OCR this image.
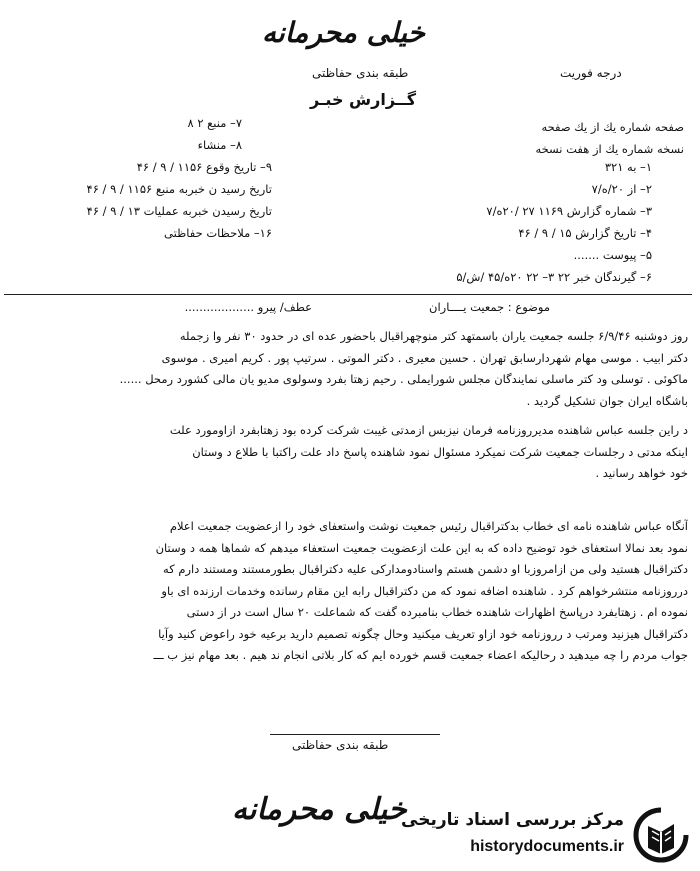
خیلی محرمانه
طبقه بندی حفاظتی	درجه فوریت
گــزارش خبـر
صفحه شماره یك از یك صفحه
نسخه شماره یك از هفت نسخه
۷– منبع ۲ ۸
۸– منشاء
۹– تاریخ وقوع ۱۱۵۶ / ۹ / ۴۶
تاریخ رسید ن خبربه منبع ۱۱۵۶ / ۹ / ۴۶
تاریخ رسیدن خبربه عملیات ۱۳ / ۹ / ۴۶
۱۶– ملاحظات حفاظتی
۱– به ۳۲۱
۲– از ۲۰/ه/۷
۳– شماره گزارش ۱۱۶۹ ۲۷ /۲۰ه/۷
۴– تاریخ گزارش ۱۵ / ۹ / ۴۶
۵– پیوست .......
۶– گیرندگان خبر ۲۲ ۳– ۲۲ ۲۰ه/۴۵ /ش/۵
موضوع : جمعیت یــــاران
عطف/ پیرو ...................
روز دوشنبه ۶/۹/۴۶ جلسه جمعیت یاران باسمتهد کتر منوچهراقبال باحضور عده ای در حدود ۳۰ نفر وا زجمله
دکتر ابیب . موسی مهام شهردارسابق تهران . حسین معیری . دکتر الموتی . سرتیپ پور . کریم امیری . موسوی
ماکوئی . توسلی ود کتر ماسلی نمایندگان مجلس شورایملی . رحیم زهتا بفرد وسولوی مدیو یان مالی کشورد رمحل ......
باشگاه ایران جوان تشکیل گردید .
د راین جلسه عباس شاهنده مدیرروزنامه فرمان نیزبس ازمدتی غیبت شرکت کرده بود زهتابفرد ازاومورد علت
اینکه مدتی د رجلسات جمعیت شرکت نمیکرد مسئوال نمود شاهنده پاسخ داد علت راکتبا با طلاع د وستان
خود خواهد رسانید .
آنگاه عباس شاهنده نامه ای خطاب بدکتراقبال رئیس جمعیت نوشت واستعفای خود را ازعضویت جمعیت اعلام
نمود بعد نمالا استعفای خود توضیح داده که به این علت ازعضویت جمعیت استعفاء میدهم که شماها همه د وستان
دکتراقبال هستید ولی من ازامروزبا او دشمن هستم واسنادومدارکی علیه دکتراقبال بطورمستند ومستند دارم که
درروزنامه منتشرخواهم کرد . شاهنده اضافه نمود که من دکتراقبال رابه این مقام رسانده وخدمات ارزنده ای باو
نموده ام . زهتابفرد درپاسخ اظهارات شاهنده خطاب بنامبرده گفت که شماعلت ۲۰ سال است در از دستی
دکتراقبال هیزنید ومرتب د رروزنامه خود ازاو تعریف میکنید وحال چگونه تصمیم دارید برعیه خود راعوض کنید وآیا
جواب مردم را چه میدهید د رحالیکه اعضاء جمعیت قسم خورده ایم که کار بلاتی انجام ند هیم . بعد مهام نیز ب ـــ
طبقه بندی حفاظتی
خیلی محرمانه
مرکز بررسی اسناد تاریخی
historydocuments.ir
